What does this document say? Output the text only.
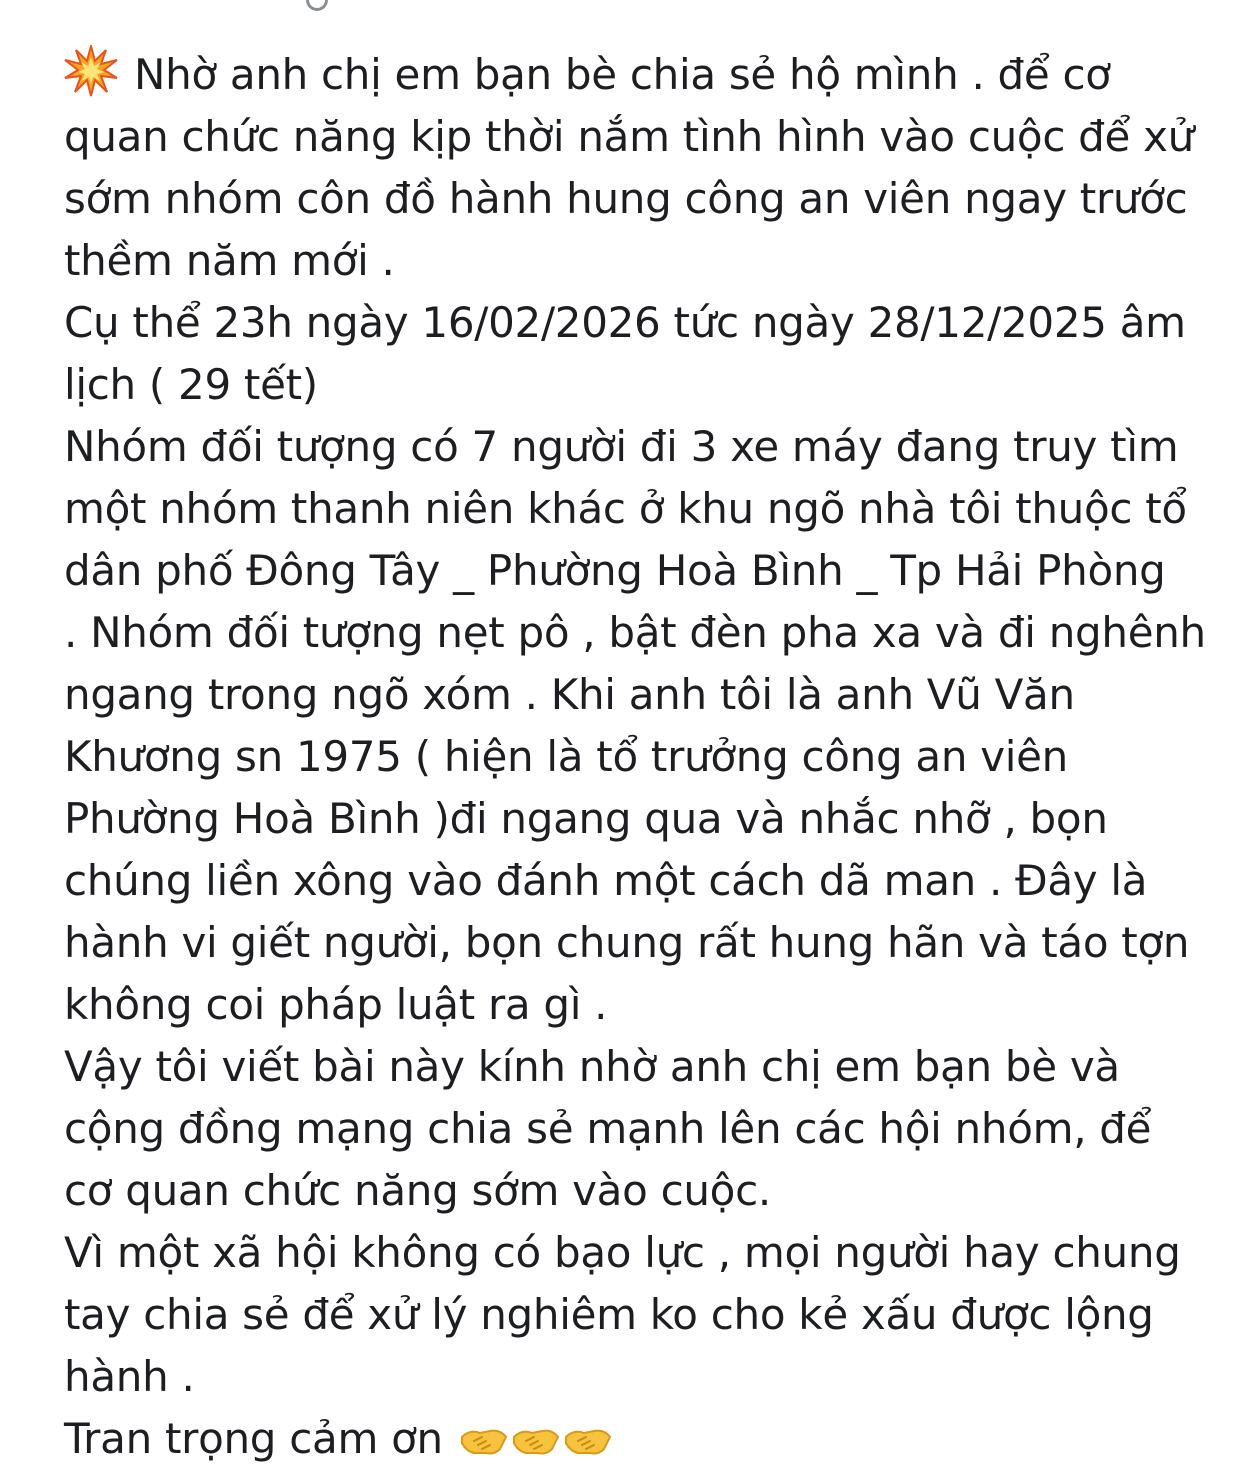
Nhờ anh chị em bạn bè chia sẻ hộ mình . để cơ
quan chức năng kịp thời nắm tình hình vào cuộc để xử
sớm nhóm côn đồ hành hung công an viên ngay trước
thềm năm mới .
Cụ thể 23h ngày 16/02/2026 tức ngày 28/12/2025 âm
lịch ( 29 tết)
Nhóm đối tượng có 7 người đi 3 xe máy đang truy tìm
một nhóm thanh niên khác ở khu ngõ nhà tôi thuộc tổ
dân phố Đông Tây _ Phường Hoà Bình _ Tp Hải Phòng
. Nhóm đối tượng nẹt pô , bật đèn pha xa và đi nghênh
ngang trong ngõ xóm . Khi anh tôi là anh Vũ Văn
Khương sn 1975 ( hiện là tổ trưởng công an viên
Phường Hoà Bình )đi ngang qua và nhắc nhỡ , bọn
chúng liền xông vào đánh một cách dã man . Đây là
hành vi giết người, bọn chung rất hung hãn và táo tợn
không coi pháp luật ra gì .
Vậy tôi viết bài này kính nhờ anh chị em bạn bè và
cộng đồng mạng chia sẻ mạnh lên các hội nhóm, để
cơ quan chức năng sớm vào cuộc.
Vì một xã hội không có bạo lực , mọi người hay chung
tay chia sẻ để xử lý nghiêm ko cho kẻ xấu được lộng
hành .
Tran trọng cảm ơn
